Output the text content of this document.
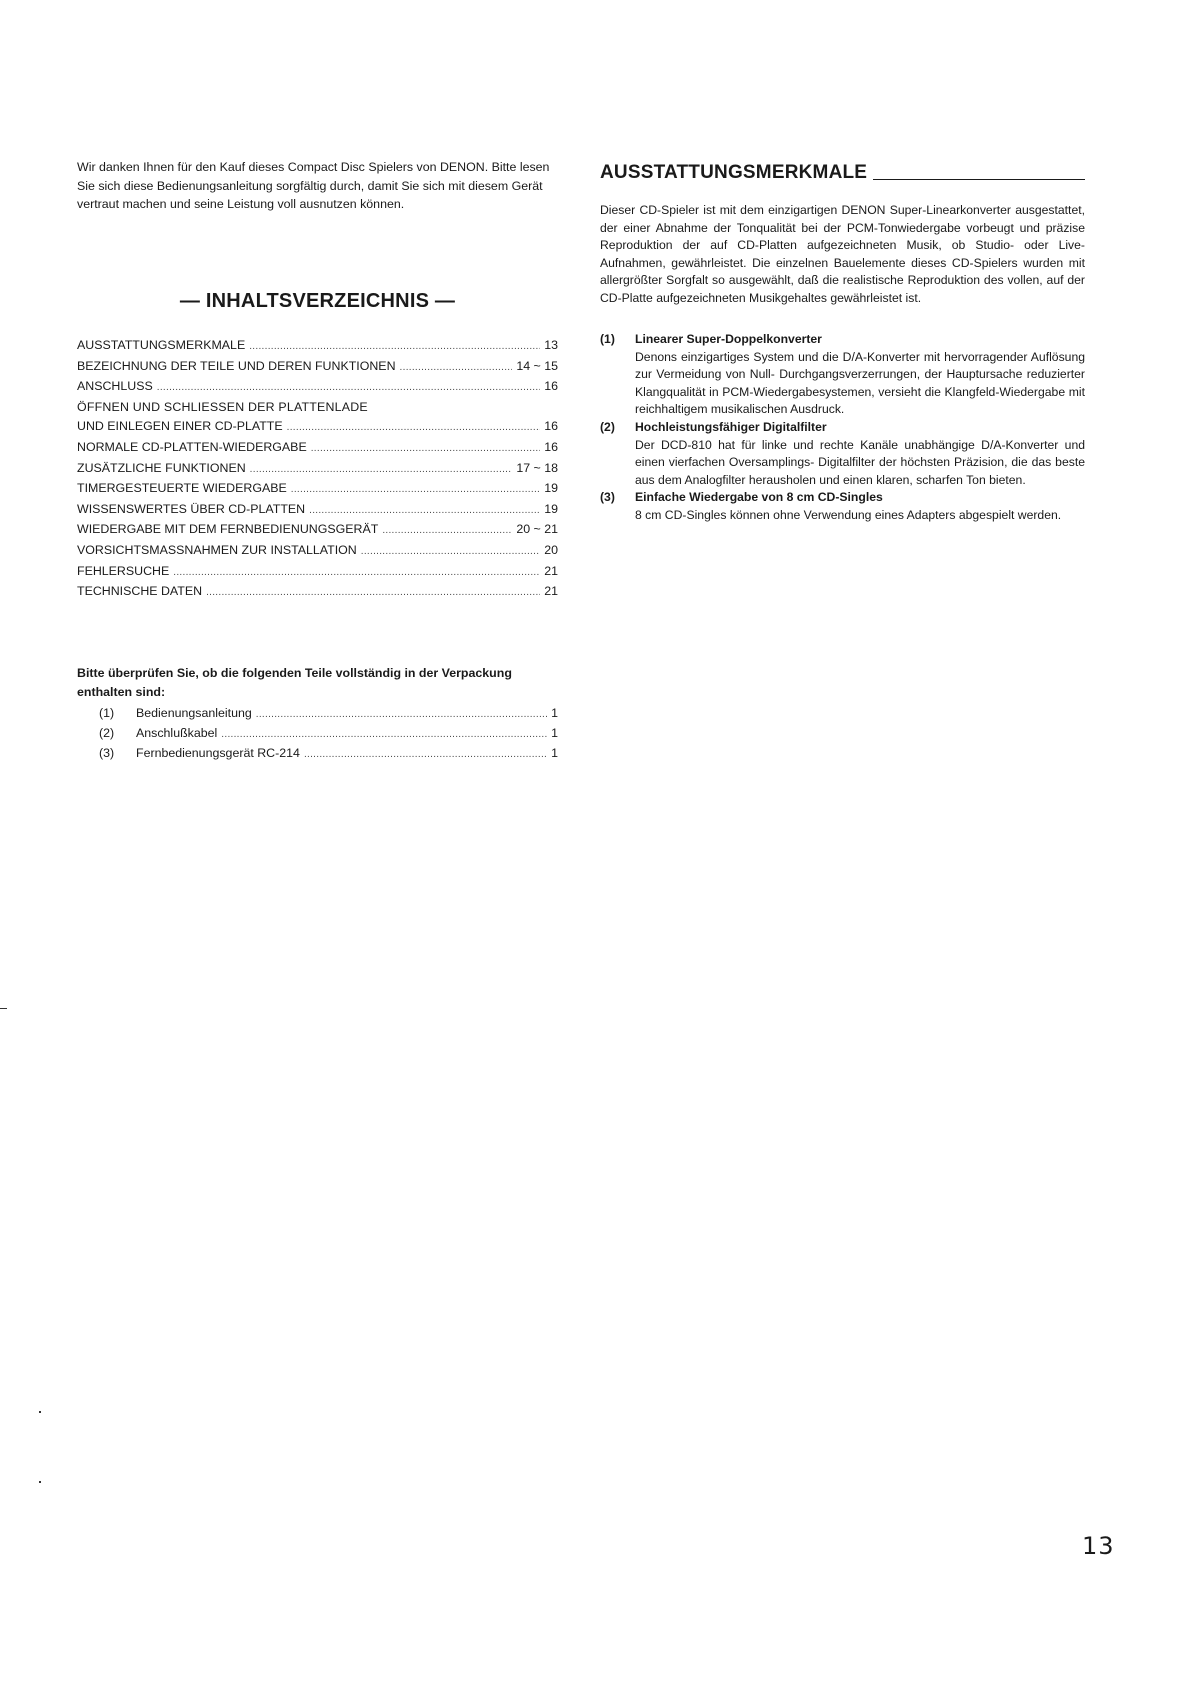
Wir danken Ihnen für den Kauf dieses Compact Disc Spielers von DENON. Bitte lesen Sie sich diese Bedienungsanleitung sorgfältig durch, damit Sie sich mit diesem Gerät vertraut machen und seine Leistung voll ausnutzen können.

— INHALTSVERZEICHNIS —
AUSSTATTUNGSMERKMALE .....	13
BEZEICHNUNG DER TEILE UND DEREN FUNKTIONEN .....	14 ~ 15
ANSCHLUSS .....	16
ÖFFNEN UND SCHLIESSEN DER PLATTENLADE
UND EINLEGEN EINER CD-PLATTE .....	16
NORMALE CD-PLATTEN-WIEDERGABE .....	16
ZUSÄTZLICHE FUNKTIONEN .....	17 ~ 18
TIMERGESTEUERTE WIEDERGABE .....	19
WISSENSWERTES ÜBER CD-PLATTEN .....	19
WIEDERGABE MIT DEM FERNBEDIENUNGSGERÄT .....	20 ~ 21
VORSICHTSMASSNAHMEN ZUR INSTALLATION .....	20
FEHLERSUCHE .....	21
TECHNISCHE DATEN .....	21

Bitte überprüfen Sie, ob die folgenden Teile vollständig in der Verpackung enthalten sind:

(1)	Bedienungsanleitung .....	1
(2)	Anschlußkabel .....	1
(3)	Fernbedienungsgerät RC-214 .....	1
AUSSTATTUNGSMERKMALE

Dieser CD-Spieler ist mit dem einzigartigen DENON Super-Linearkonverter ausgestattet, der einer Abnahme der Tonqualität bei der PCM-Tonwiedergabe vorbeugt und präzise Reproduktion der auf CD-Platten aufgezeichneten Musik, ob Studio- oder Live-Aufnahmen, gewährleistet. Die einzelnen Bauelemente dieses CD-Spielers wurden mit allergrößter Sorgfalt so ausgewählt, daß die realistische Reproduktion des vollen, auf der CD-Platte aufgezeichneten Musikgehaltes gewährleistet ist.

(1)	Linearer Super-Doppelkonverter
Denons einzigartiges System und die D/A-Konverter mit hervorragender Auflösung zur Vermeidung von Null- Durchgangsverzerrungen, der Hauptursache reduzierter Klangqualität in PCM-Wiedergabesystemen, versieht die Klangfeld-Wiedergabe mit reichhaltigem musikalischen Ausdruck.
(2)	Hochleistungsfähiger Digitalfilter
Der DCD-810 hat für linke und rechte Kanäle unabhängige D/A-Konverter und einen vierfachen Oversamplings- Digitalfilter der höchsten Präzision, die das beste aus dem Analogfilter herausholen und einen klaren, scharfen Ton bieten.
(3)	Einfache Wiedergabe von 8 cm CD-Singles
8 cm CD-Singles können ohne Verwendung eines Adapters abgespielt werden.
13
